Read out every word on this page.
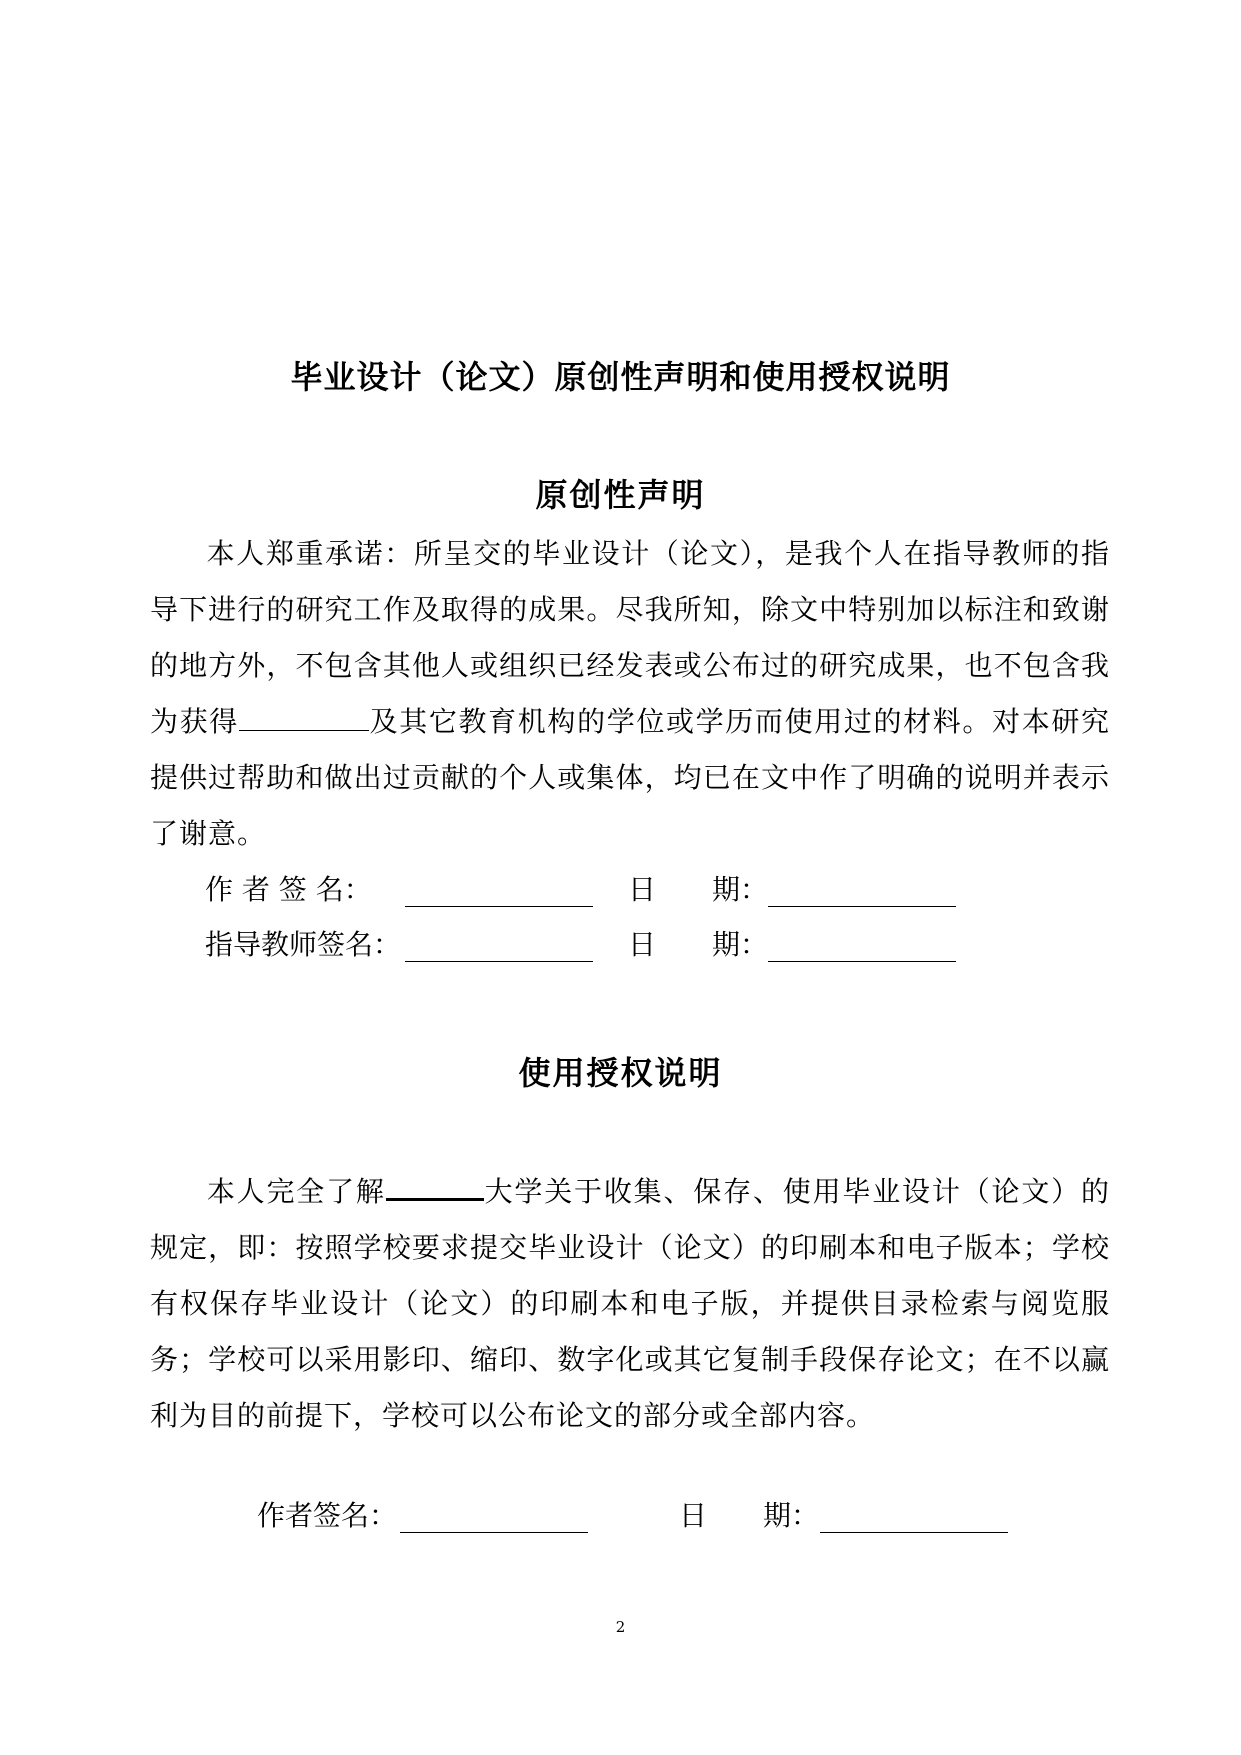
毕业设计（论文）原创性声明和使用授权说明
原创性声明
本人郑重承诺：所呈交的毕业设计（论文），是我个人在指导教师的指导下进行的研究工作及取得的成果。尽我所知，除文中特别加以标注和致谢的地方外，不包含其他人或组织已经发表或公布过的研究成果，也不包含我为获得	及其它教育机构的学位或学历而使用过的材料。对本研究提供过帮助和做出过贡献的个人或集体，均已在文中作了明确的说明并表示了谢意。
作 者 签 名：	日 期：
指导教师签名：	日 期：
使用授权说明
本人完全了解	大学关于收集、保存、使用毕业设计（论文）的规定，即：按照学校要求提交毕业设计（论文）的印刷本和电子版本；学校有权保存毕业设计（论文）的印刷本和电子版，并提供目录检索与阅览服务；学校可以采用影印、缩印、数字化或其它复制手段保存论文；在不以赢利为目的前提下，学校可以公布论文的部分或全部内容。
作者签名：	日 期：
2
